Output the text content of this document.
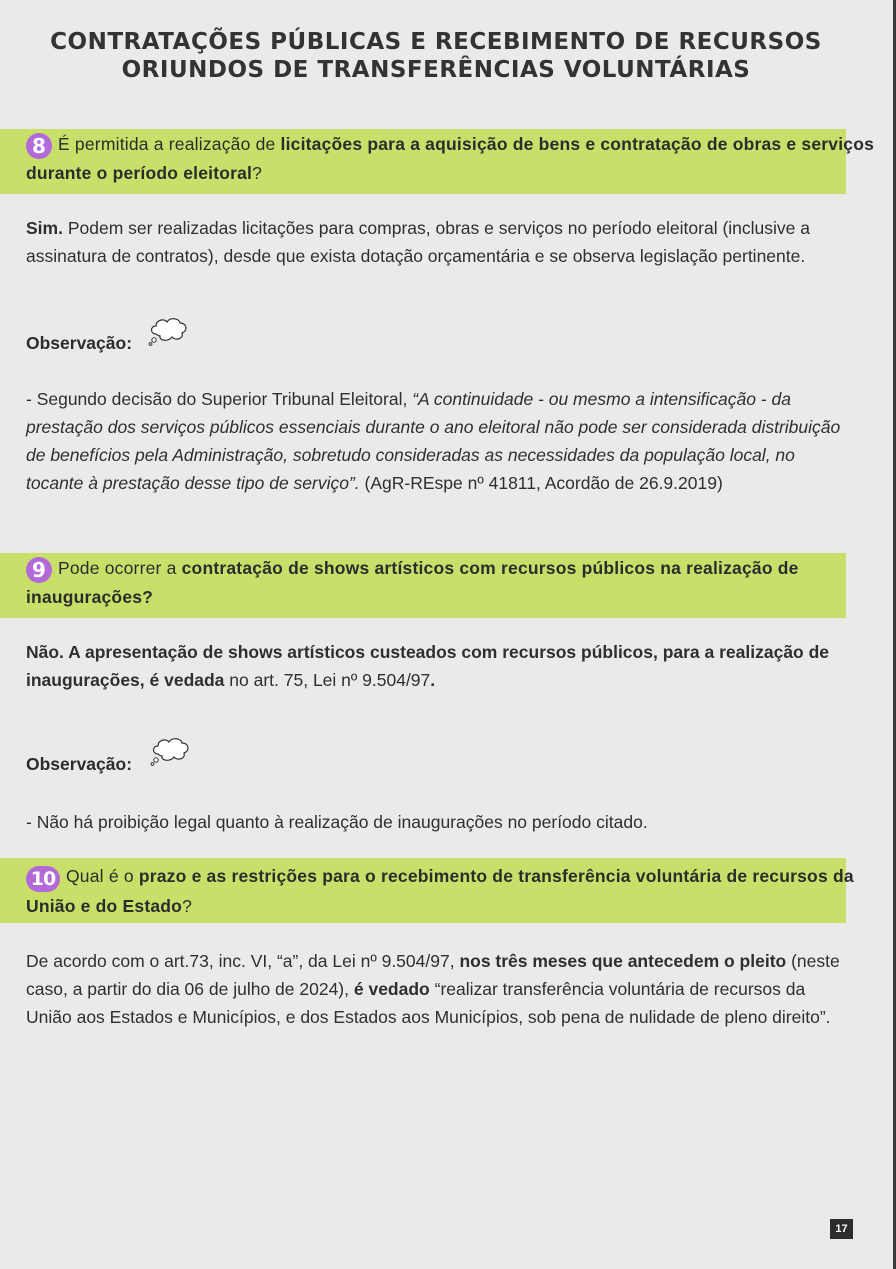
CONTRATAÇÕES PÚBLICAS E RECEBIMENTO DE RECURSOS
ORIUNDOS DE TRANSFERÊNCIAS VOLUNTÁRIAS
8 É permitida a realização de licitações para a aquisição de bens e contratação de obras e serviços durante o período eleitoral?
Sim. Podem ser realizadas licitações para compras, obras e serviços no período eleitoral (inclusive a assinatura de contratos), desde que exista dotação orçamentária e se observa legislação pertinente.
Observação:
- Segundo decisão do Superior Tribunal Eleitoral, “A continuidade - ou mesmo a intensificação - da prestação dos serviços públicos essenciais durante o ano eleitoral não pode ser considerada distribuição de benefícios pela Administração, sobretudo consideradas as necessidades da população local, no tocante à prestação desse tipo de serviço”. (AgR-REspe nº 41811, Acordão de 26.9.2019)
9 Pode ocorrer a contratação de shows artísticos com recursos públicos na realização de inaugurações?
Não. A apresentação de shows artísticos custeados com recursos públicos, para a realização de inaugurações, é vedada no art. 75, Lei nº 9.504/97.
Observação:
- Não há proibição legal quanto à realização de inaugurações no período citado.
10 Qual é o prazo e as restrições para o recebimento de transferência voluntária de recursos da União e do Estado?
De acordo com o art.73, inc. VI, “a”, da Lei nº 9.504/97, nos três meses que antecedem o pleito (neste caso, a partir do dia 06 de julho de 2024), é vedado “realizar transferência voluntária de recursos da União aos Estados e Municípios, e dos Estados aos Municípios, sob pena de nulidade de pleno direito”.
17
